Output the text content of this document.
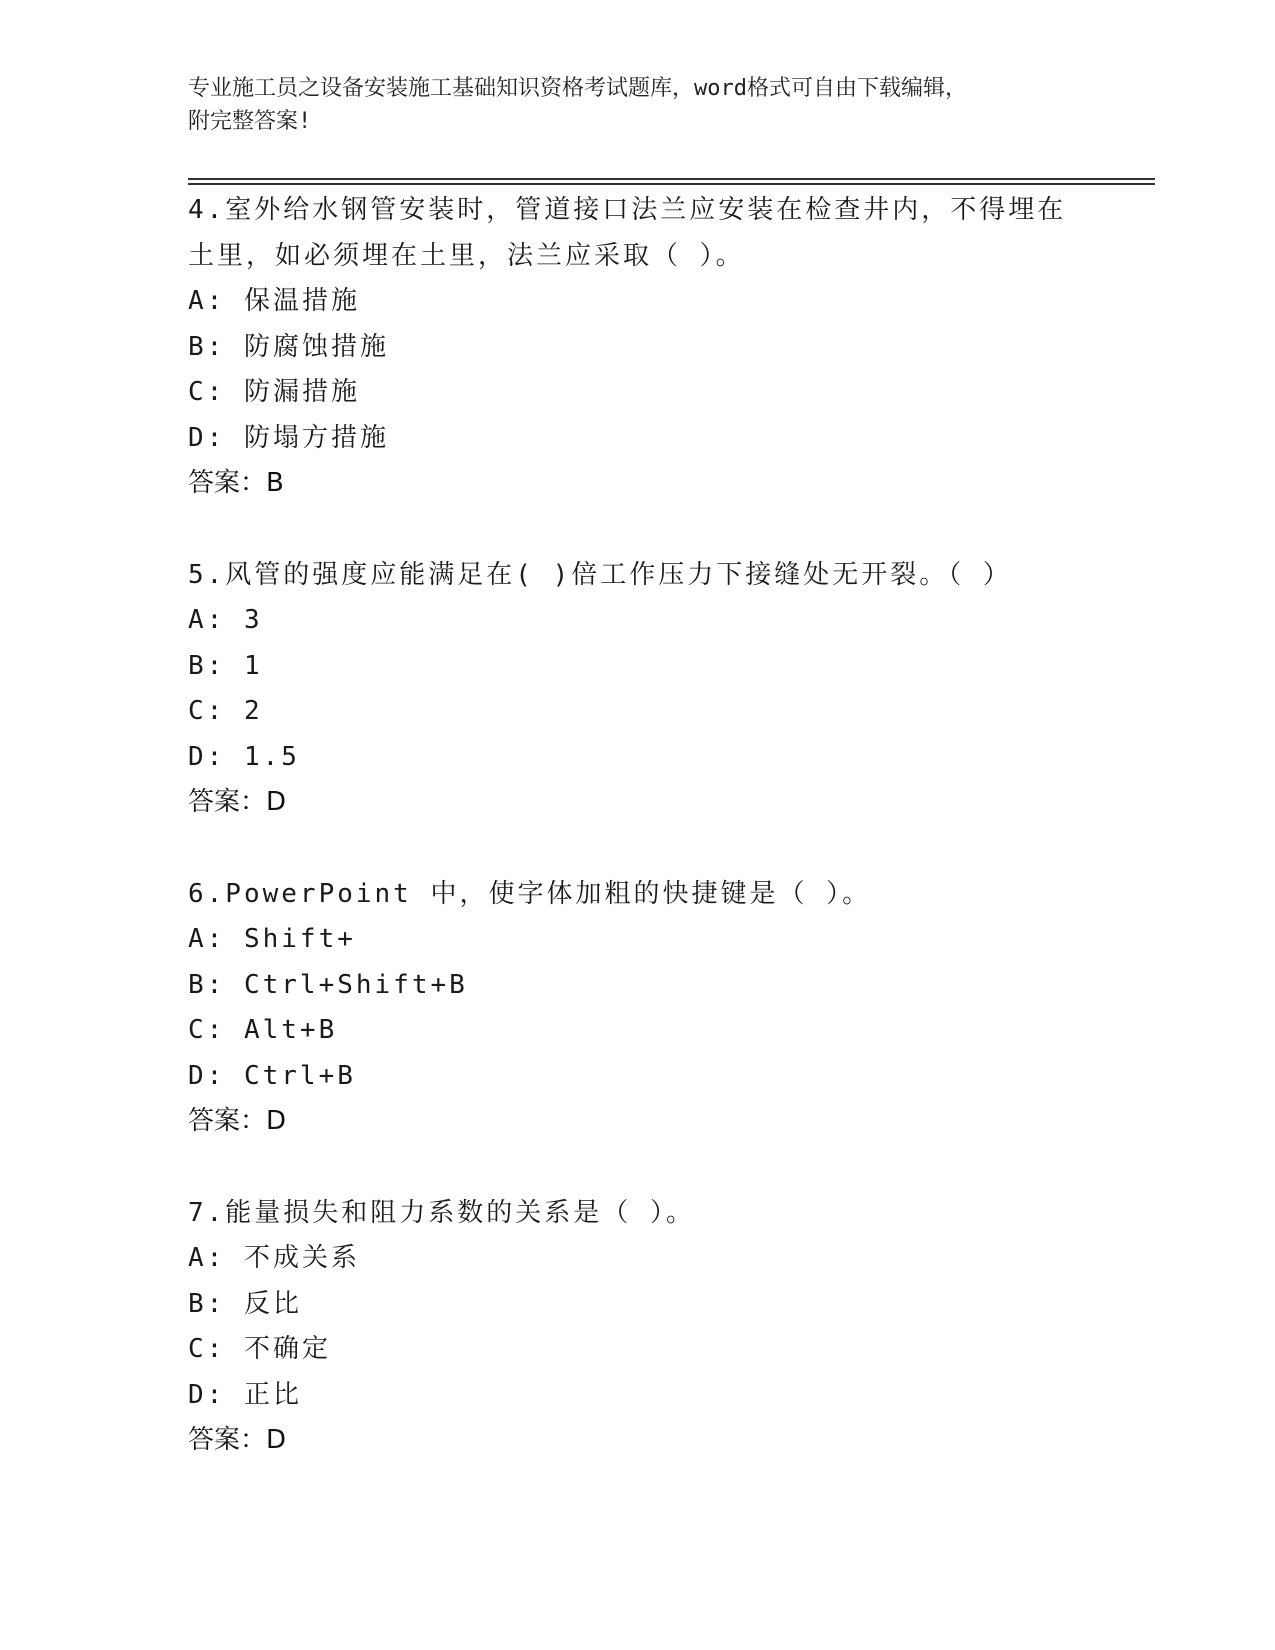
专业施工员之设备安装施工基础知识资格考试题库，word格式可自由下载编辑，
附完整答案!
4.室外给水钢管安装时，管道接口法兰应安装在检查井内，不得埋在土里，如必须埋在土里，法兰应采取（ ）。
A: 保温措施
B: 防腐蚀措施
C: 防漏措施
D: 防塌方措施
答案：B
5.风管的强度应能满足在( )倍工作压力下接缝处无开裂。（ ）
A: 3
B: 1
C: 2
D: 1.5
答案：D
6.PowerPoint 中，使字体加粗的快捷键是（ ）。
A: Shift+
B: Ctrl+Shift+B
C: Alt+B
D: Ctrl+B
答案：D
7.能量损失和阻力系数的关系是（ ）。
A: 不成关系
B: 反比
C: 不确定
D: 正比
答案：D
